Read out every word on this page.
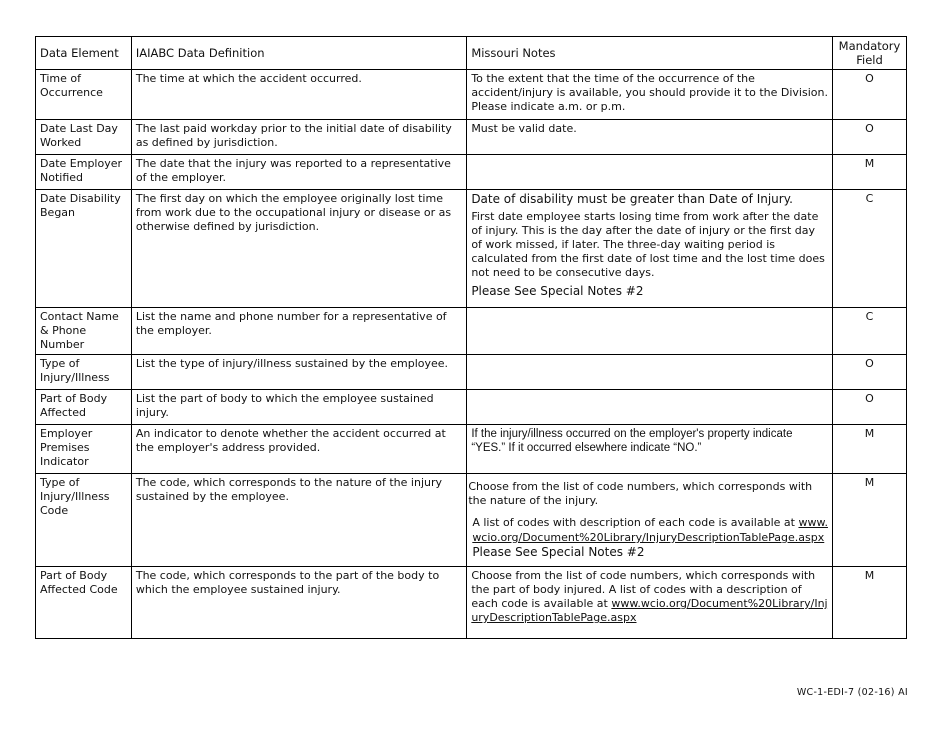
Data Element	IAIABC Data Definition	Missouri Notes	Mandatory Field
Time of Occurrence	The time at which the accident occurred.	To the extent that the time of the occurrence of the accident/injury is available, you should provide it to the Division. Please indicate a.m. or p.m.	O
Date Last Day Worked	The last paid workday prior to the initial date of disability as defined by jurisdiction.	Must be valid date.	O
Date Employer Notified	The date that the injury was reported to a representative of the employer.		M
Date Disability Began	The first day on which the employee originally lost time from work due to the occupational injury or disease or as otherwise defined by jurisdiction.	Date of disability must be greater than Date of Injury.

First date employee starts losing time from work after the date of injury. This is the day after the date of injury or the first day of work missed, if later. The three-day waiting period is calculated from the first date of lost time and the lost time does not need to be consecutive days.

Please See Special Notes #2	C
Contact Name & Phone Number	List the name and phone number for a representative of the employer.		C
Type of Injury/Illness	List the type of injury/illness sustained by the employee.		O
Part of Body Affected	List the part of body to which the employee sustained injury.		O
Employer Premises Indicator	An indicator to denote whether the accident occurred at the employer's address provided.	If the injury/illness occurred on the employer's property indicate “YES.” If it occurred elsewhere indicate “NO.”	M
Type of Injury/Illness Code	The code, which corresponds to the nature of the injury sustained by the employee.	Choose from the list of code numbers, which corresponds with the nature of the injury.

A list of codes with description of each code is available at www.wcio.org/Document%20Library/InjuryDescriptionTablePage.aspx Please See Special Notes #2	M
Part of Body Affected Code	The code, which corresponds to the part of the body to which the employee sustained injury.	Choose from the list of code numbers, which corresponds with the part of body injured. A list of codes with a description of each code is available at www.wcio.org/Document%20Library/InjuryDescriptionTablePage.aspx	M
WC-1-EDI-7 (02-16) AI
